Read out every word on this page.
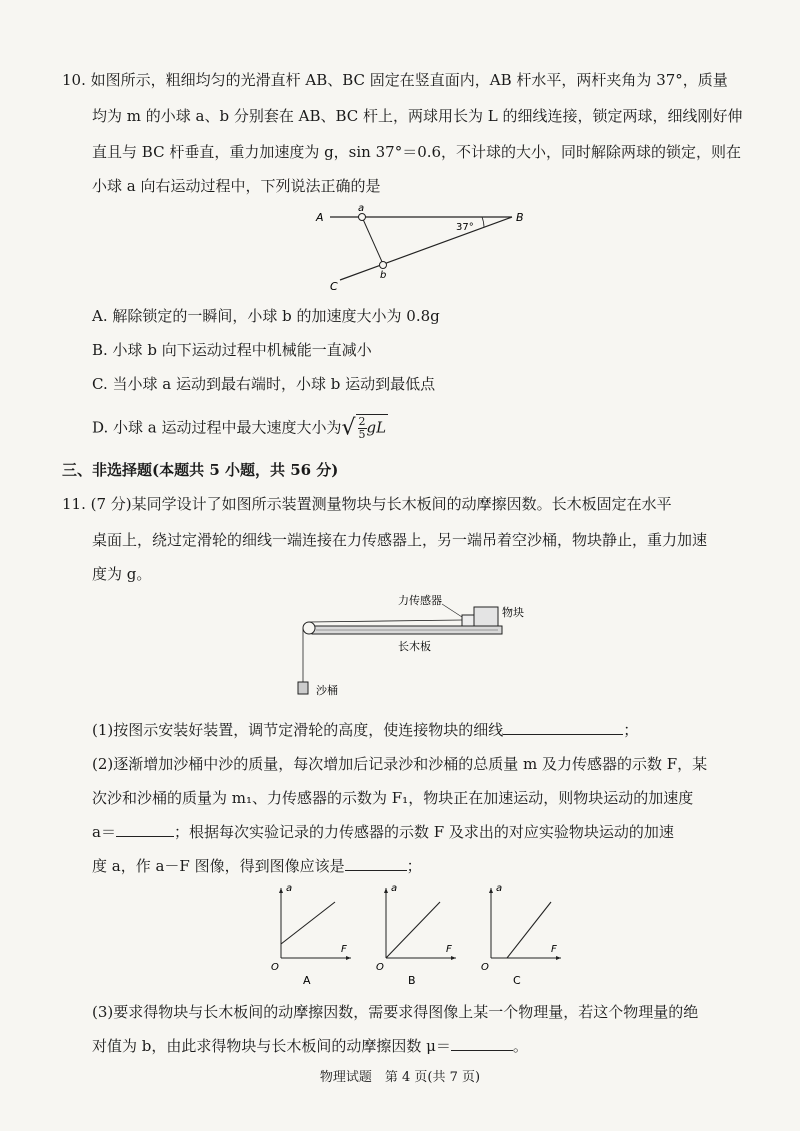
10. 如图所示，粗细均匀的光滑直杆 AB、BC 固定在竖直面内，AB 杆水平，两杆夹角为 37°，质量
均为 m 的小球 a、b 分别套在 AB、BC 杆上，两球用长为 L 的细线连接，锁定两球，细线刚好伸
直且与 BC 杆垂直，重力加速度为 g，sin 37°＝0.6，不计球的大小，同时解除两球的锁定，则在
小球 a 向右运动过程中，下列说法正确的是
A	B
C
a
b
37°
A. 解除锁定的一瞬间，小球 b 的加速度大小为 0.8g
B. 小球 b 向下运动过程中机械能一直减小
C. 当小球 a 运动到最右端时，小球 b 运动到最低点
D. 小球 a 运动过程中最大速度大小为√ $\frac{2}{5}$ gL
三、非选择题(本题共 5 小题，共 56 分)
11. (7 分)某同学设计了如图所示装置测量物块与长木板间的动摩擦因数。长木板固定在水平
桌面上，绕过定滑轮的细线一端连接在力传感器上，另一端吊着空沙桶，物块静止，重力加速
度为 g。
力传感器
物块
长木板
沙桶
(1)按图示安装好装置，调节定滑轮的高度，使连接物块的细线	；
(2)逐渐增加沙桶中沙的质量，每次增加后记录沙和沙桶的总质量 m 及力传感器的示数 F，某
次沙和沙桶的质量为 m₁、力传感器的示数为 F₁，物块正在加速运动，则物块运动的加速度
a＝	；根据每次实验记录的力传感器的示数 F 及求出的对应实验物块运动的加速
度 a，作 a－F 图像，得到图像应该是	；
a
F
O
A
a
F
O
B
a
F
O
C
(3)要求得物块与长木板间的动摩擦因数，需要求得图像上某一个物理量，若这个物理量的绝
对值为 b，由此求得物块与长木板间的动摩擦因数 μ＝	。
物理试题　第 4 页(共 7 页)
